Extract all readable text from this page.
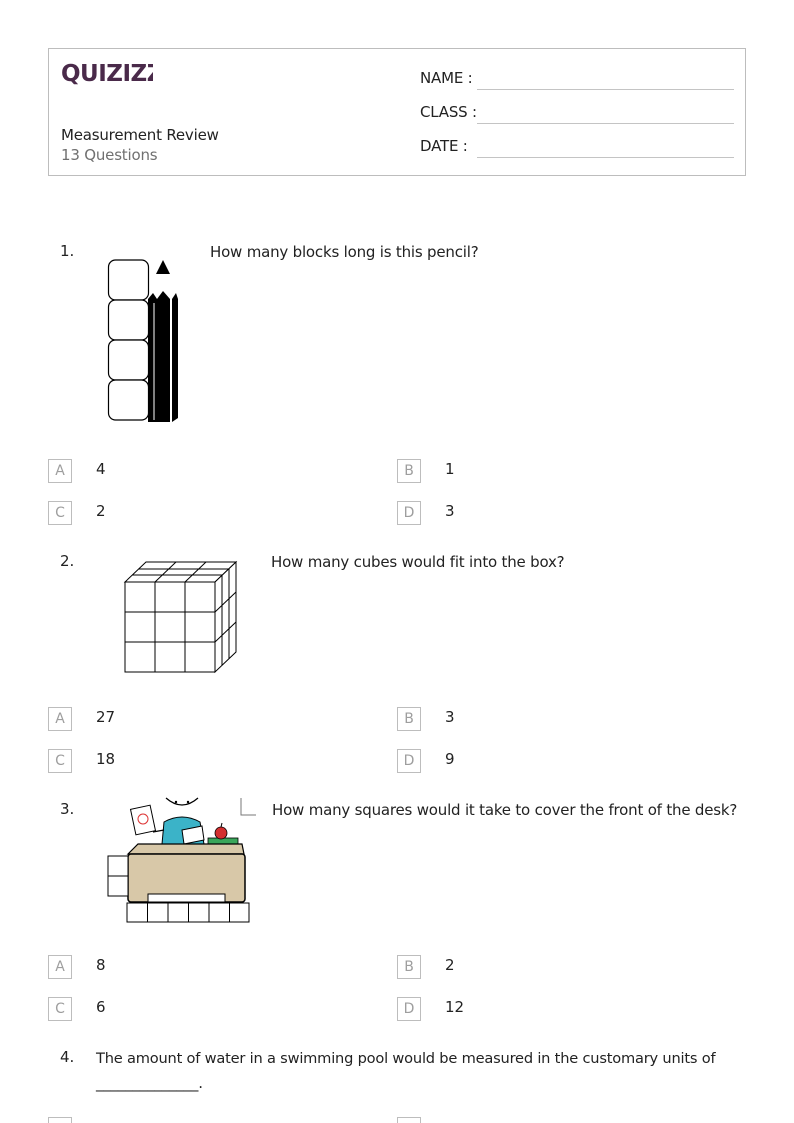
QUIZIZZ
Measurement Review
13 Questions
NAME :
CLASS :
DATE :
1.	How many blocks long is this pencil?
A	4	B	1
C	2	D	3
2.	How many cubes would fit into the box?
A	27	B	3
C	18	D	9
3.	How many squares would it take to cover the front of the desk?
A	8	B	2
C	6	D	12
4. The amount of water in a swimming pool would be measured in the customary units of
______________.
